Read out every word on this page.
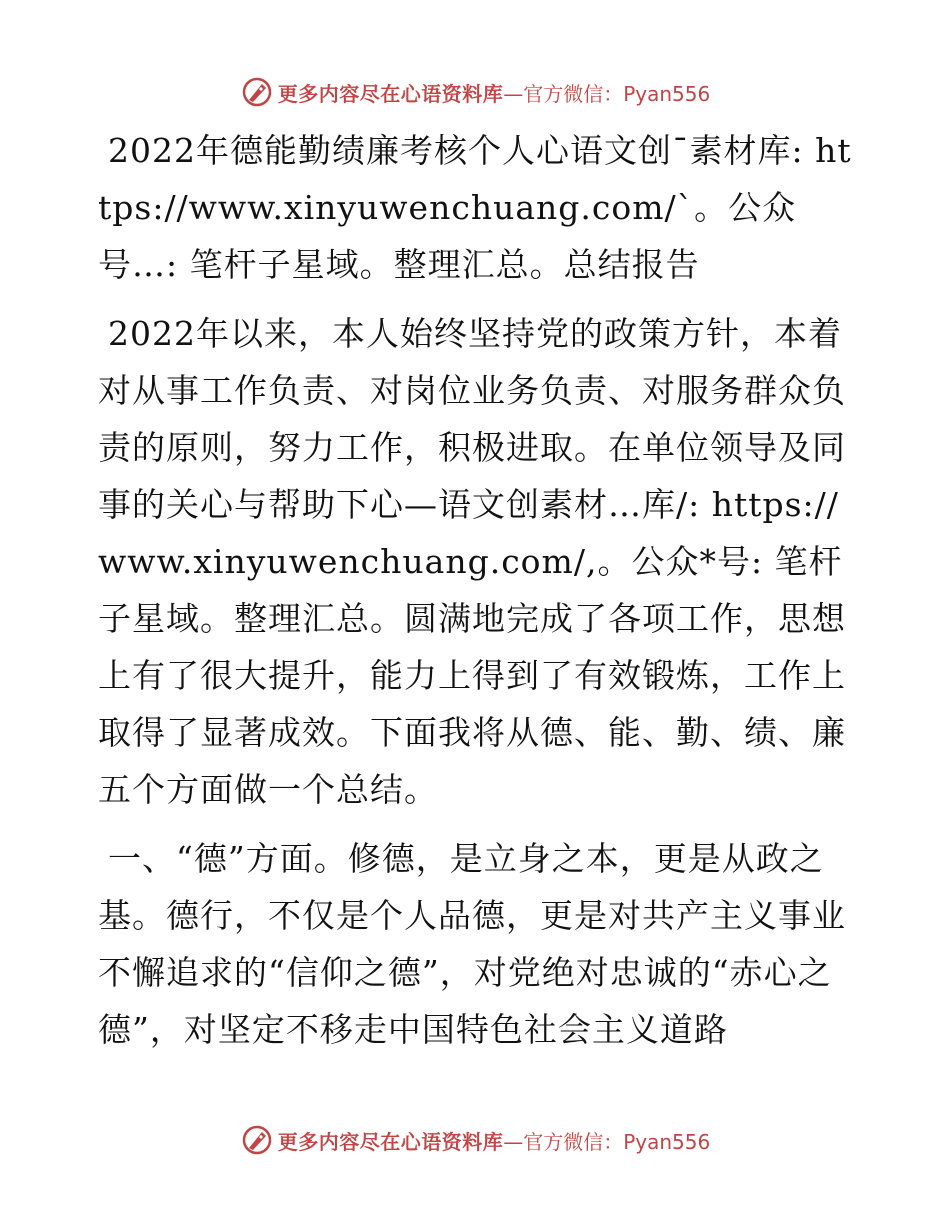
更多内容尽在心语资料库 —官方微信：Pyan556

2022年德能勤绩廉考核个人心语文创¯素材库: https://www.xinyuwenchuang.com/`。公众号…: 笔杆子星域。整理汇总。总结报告

2022年以来，本人始终坚持党的政策方针，本着对从事工作负责、对岗位业务负责、对服务群众负责的原则，努力工作，积极进取。在单位领导及同事的关心与帮助下心—语文创素材…库/: https://www.xinyuwenchuang.com/,。公众*号: 笔杆子星域。整理汇总。圆满地完成了各项工作，思想上有了很大提升，能力上得到了有效锻炼，工作上取得了显著成效。下面我将从德、能、勤、绩、廉五个方面做一个总结。

一、“德”方面。修德，是立身之本，更是从政之基。德行，不仅是个人品德，更是对共产主义事业不懈追求的“信仰之德”，对党绝对忠诚的“赤心之德”，对坚定不移走中国特色社会主义道路

更多内容尽在心语资料库 —官方微信：Pyan556
